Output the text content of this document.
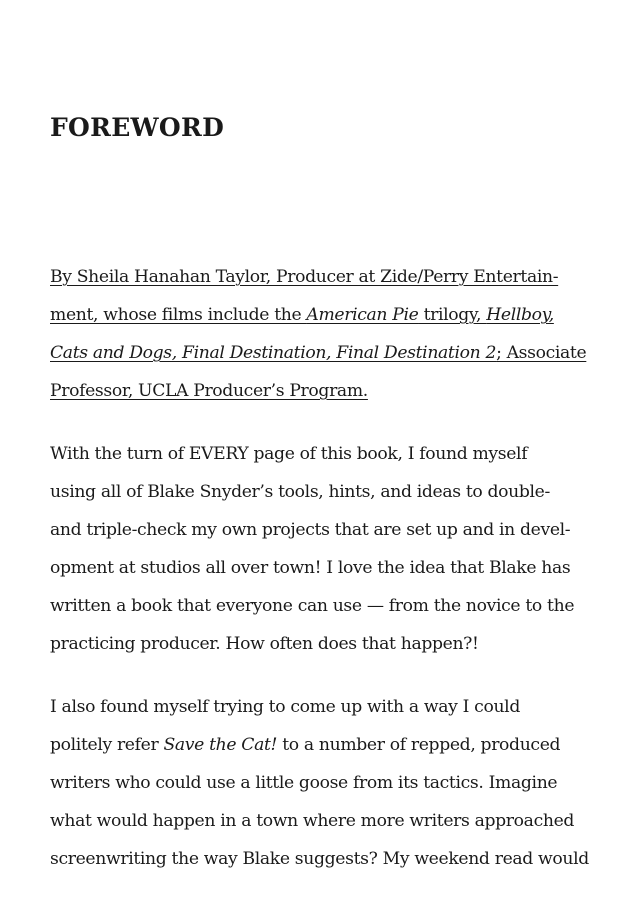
FOREWORD
By Sheila Hanahan Taylor, Producer at Zide/Perry Entertain-
ment, whose films include the American Pie trilogy, Hellboy,
Cats and Dogs, Final Destination, Final Destination 2; Associate
Professor, UCLA Producer’s Program.
With the turn of EVERY page of this book, I found myself
using all of Blake Snyder’s tools, hints, and ideas to double-
and triple-check my own projects that are set up and in devel-
opment at studios all over town! I love the idea that Blake has
written a book that everyone can use — from the novice to the
practicing producer. How often does that happen?!
I also found myself trying to come up with a way I could
politely refer Save the Cat! to a number of repped, produced
writers who could use a little goose from its tactics. Imagine
what would happen in a town where more writers approached
screenwriting the way Blake suggests? My weekend read would
